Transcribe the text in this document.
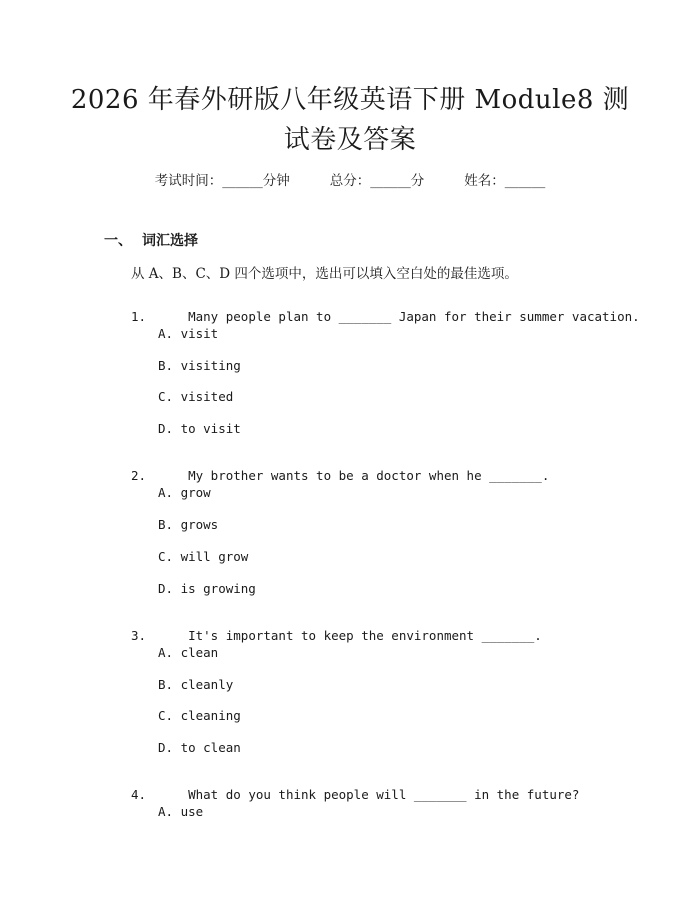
2026 年春外研版八年级英语下册 Module8 测
试卷及答案
考试时间：______分钟	总分：______分	姓名：______
一、 词汇选择
从 A、B、C、D 四个选项中，选出可以填入空白处的最佳选项。

1.	Many people plan to _______ Japan for their summer vacation.

A. visit
B. visiting
C. visited
D. to visit

2.	My brother wants to be a doctor when he _______.

A. grow
B. grows
C. will grow
D. is growing

3.	It's important to keep the environment _______.

A. clean
B. cleanly
C. cleaning
D. to clean

4.	What do you think people will _______ in the future?

A. use
